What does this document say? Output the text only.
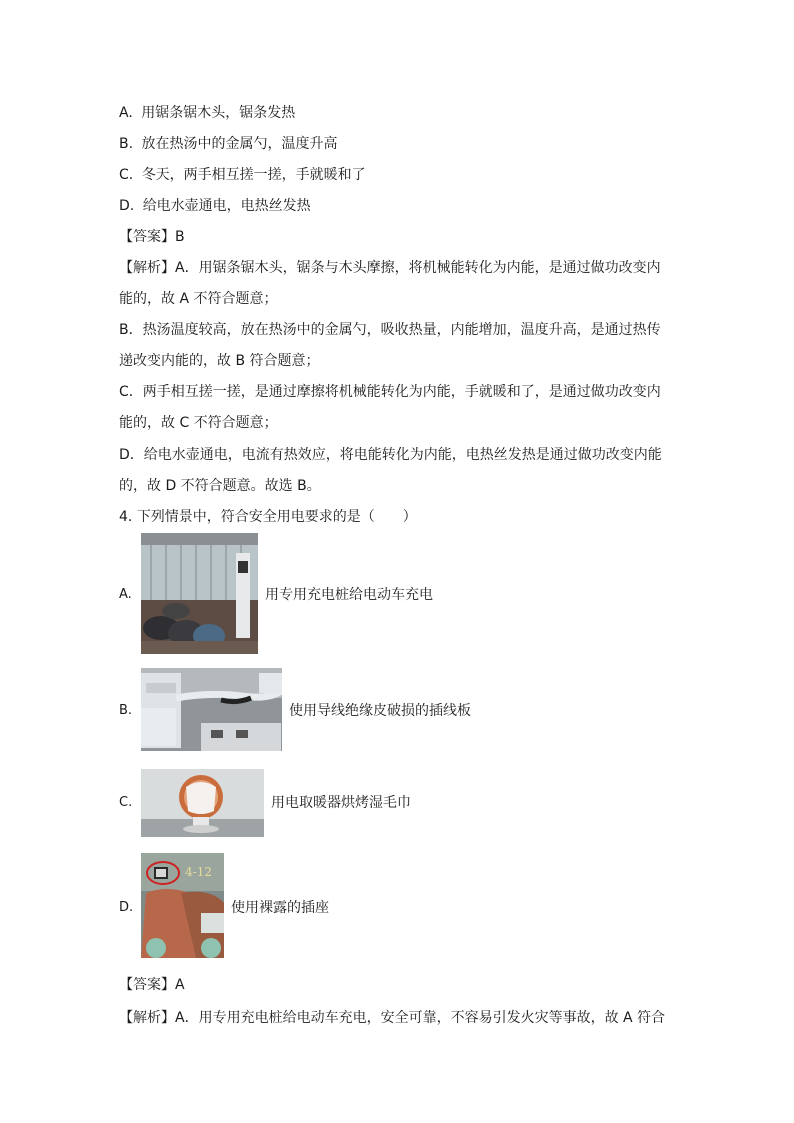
A. 用锯条锯木头，锯条发热
B. 放在热汤中的金属勺，温度升高
C. 冬天，两手相互搓一搓，手就暖和了
D. 给电水壶通电，电热丝发热
【答案】B
【解析】A．用锯条锯木头，锯条与木头摩擦，将机械能转化为内能，是通过做功改变内
能的，故 A 不符合题意；
B．热汤温度较高，放在热汤中的金属勺，吸收热量，内能增加，温度升高，是通过热传
递改变内能的，故 B 符合题意；
C．两手相互搓一搓，是通过摩擦将机械能转化为内能，手就暖和了，是通过做功改变内
能的，故 C 不符合题意；
D．给电水壶通电，电流有热效应，将电能转化为内能，电热丝发热是通过做功改变内能
的，故 D 不符合题意。故选 B。
4. 下列情景中，符合安全用电要求的是（　　）
A.	用专用充电桩给电动车充电
B.	使用导线绝缘皮破损的插线板
C.	用电取暖器烘烤湿毛巾
D.
4-12
使用裸露的插座
【答案】A
【解析】A．用专用充电桩给电动车充电，安全可靠，不容易引发火灾等事故，故 A 符合
